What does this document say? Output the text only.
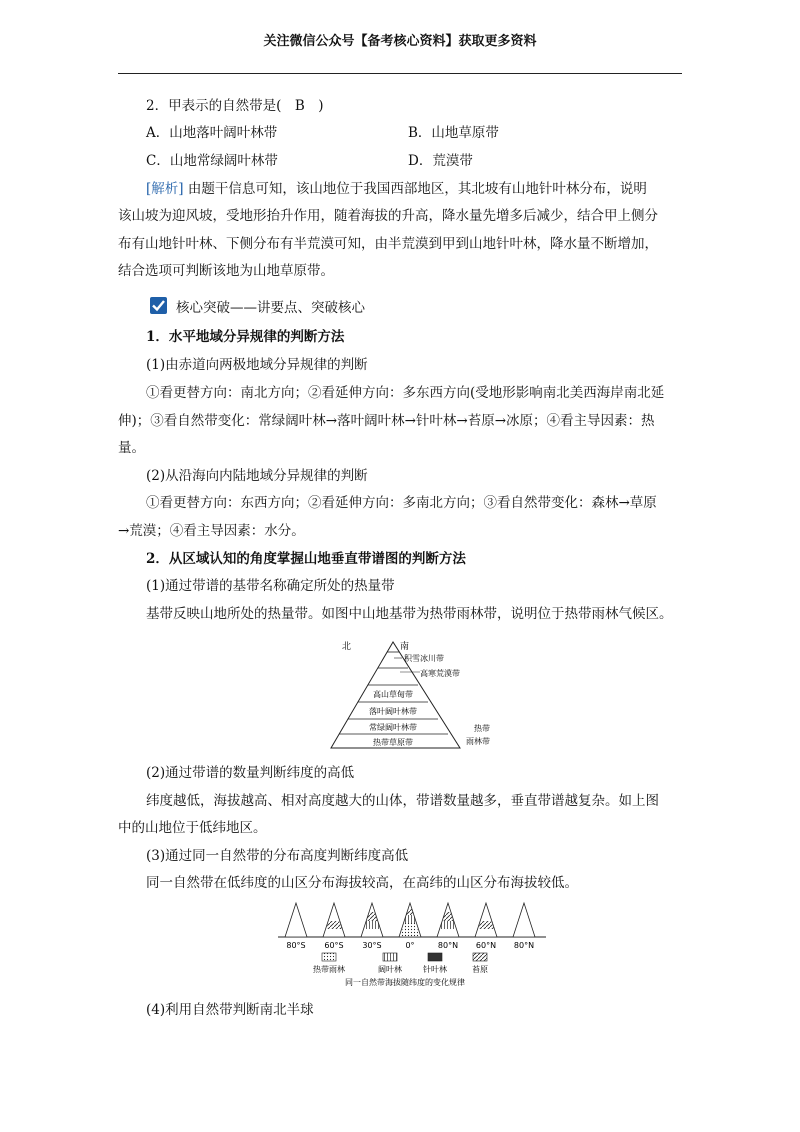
关注微信公众号【备考核心资料】获取更多资料
2．甲表示的自然带是(　B　)
A．山地落叶阔叶林带	B．山地草原带
C．山地常绿阔叶林带	D．荒漠带
[解析] 由题干信息可知，该山地位于我国西部地区，其北坡有山地针叶林分布，说明
该山坡为迎风坡，受地形抬升作用，随着海拔的升高，降水量先增多后减少，结合甲上侧分
布有山地针叶林、下侧分布有半荒漠可知，由半荒漠到甲到山地针叶林，降水量不断增加，
结合选项可判断该地为山地草原带。
核心突破——讲要点、突破核心
1．水平地域分异规律的判断方法
(1)由赤道向两极地域分异规律的判断
①看更替方向：南北方向；②看延伸方向：多东西方向(受地形影响南北美西海岸南北延
伸)；③看自然带变化：常绿阔叶林→落叶阔叶林→针叶林→苔原→冰原；④看主导因素：热
量。
(2)从沿海向内陆地域分异规律的判断
①看更替方向：东西方向；②看延伸方向：多南北方向；③看自然带变化：森林→草原
→荒漠；④看主导因素：水分。
2．从区域认知的角度掌握山地垂直带谱图的判断方法
(1)通过带谱的基带名称确定所处的热量带
基带反映山地所处的热量带。如图中山地基带为热带雨林带，说明位于热带雨林气候区。
北	南
积雪冰川带
高寒荒漠带
高山草甸带
落叶阔叶林带
常绿阔叶林带
热带草原带
热带
雨林带
(2)通过带谱的数量判断纬度的高低
纬度越低，海拔越高、相对高度越大的山体，带谱数量越多，垂直带谱越复杂。如上图
中的山地位于低纬地区。
(3)通过同一自然带的分布高度判断纬度高低
同一自然带在低纬度的山区分布海拔较高，在高纬的山区分布海拔较低。
80°S 60°S 30°S	0°	80°N 60°N 80°N
热带雨林	阔叶林	针叶林	苔原
同一自然带海拔随纬度的变化规律
(4)利用自然带判断南北半球
